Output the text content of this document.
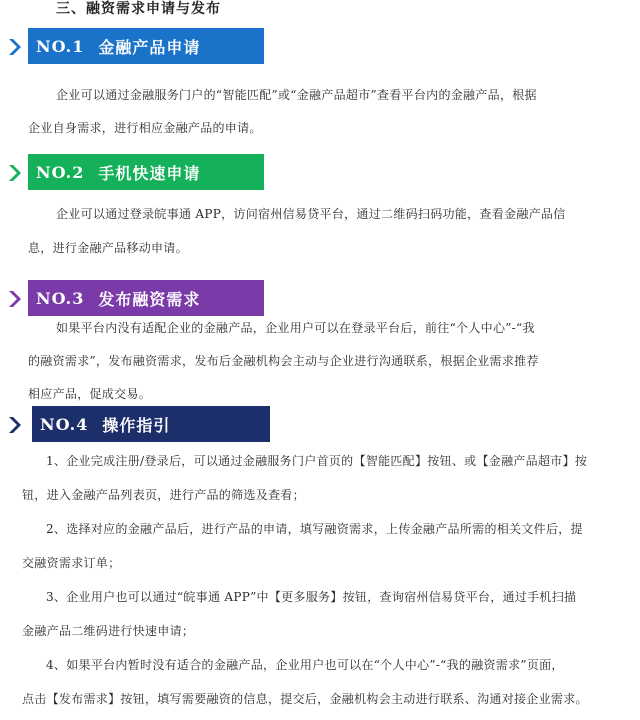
三、融资需求申请与发布
NO.1 金融产品申请
企业可以通过金融服务门户的“智能匹配”或“金融产品超市”查看平台内的金融产品，根据
企业自身需求，进行相应金融产品的申请。
NO.2 手机快速申请
企业可以通过登录皖事通 APP，访问宿州信易贷平台，通过二维码扫码功能，查看金融产品信
息，进行金融产品移动申请。
NO.3 发布融资需求
如果平台内没有适配企业的金融产品，企业用户可以在登录平台后，前往“个人中心”-“我
的融资需求”，发布融资需求，发布后金融机构会主动与企业进行沟通联系，根据企业需求推荐
相应产品，促成交易。
NO.4 操作指引
1、企业完成注册/登录后，可以通过金融服务门户首页的【智能匹配】按钮、或【金融产品超市】按
钮，进入金融产品列表页，进行产品的筛选及查看；
2、选择对应的金融产品后，进行产品的申请，填写融资需求，上传金融产品所需的相关文件后，提
交融资需求订单；
3、企业用户也可以通过“皖事通 APP”中【更多服务】按钮，查询宿州信易贷平台，通过手机扫描
金融产品二维码进行快速申请；
4、如果平台内暂时没有适合的金融产品，企业用户也可以在“个人中心”-“我的融资需求”页面，
点击【发布需求】按钮，填写需要融资的信息，提交后，金融机构会主动进行联系、沟通对接企业需求。
